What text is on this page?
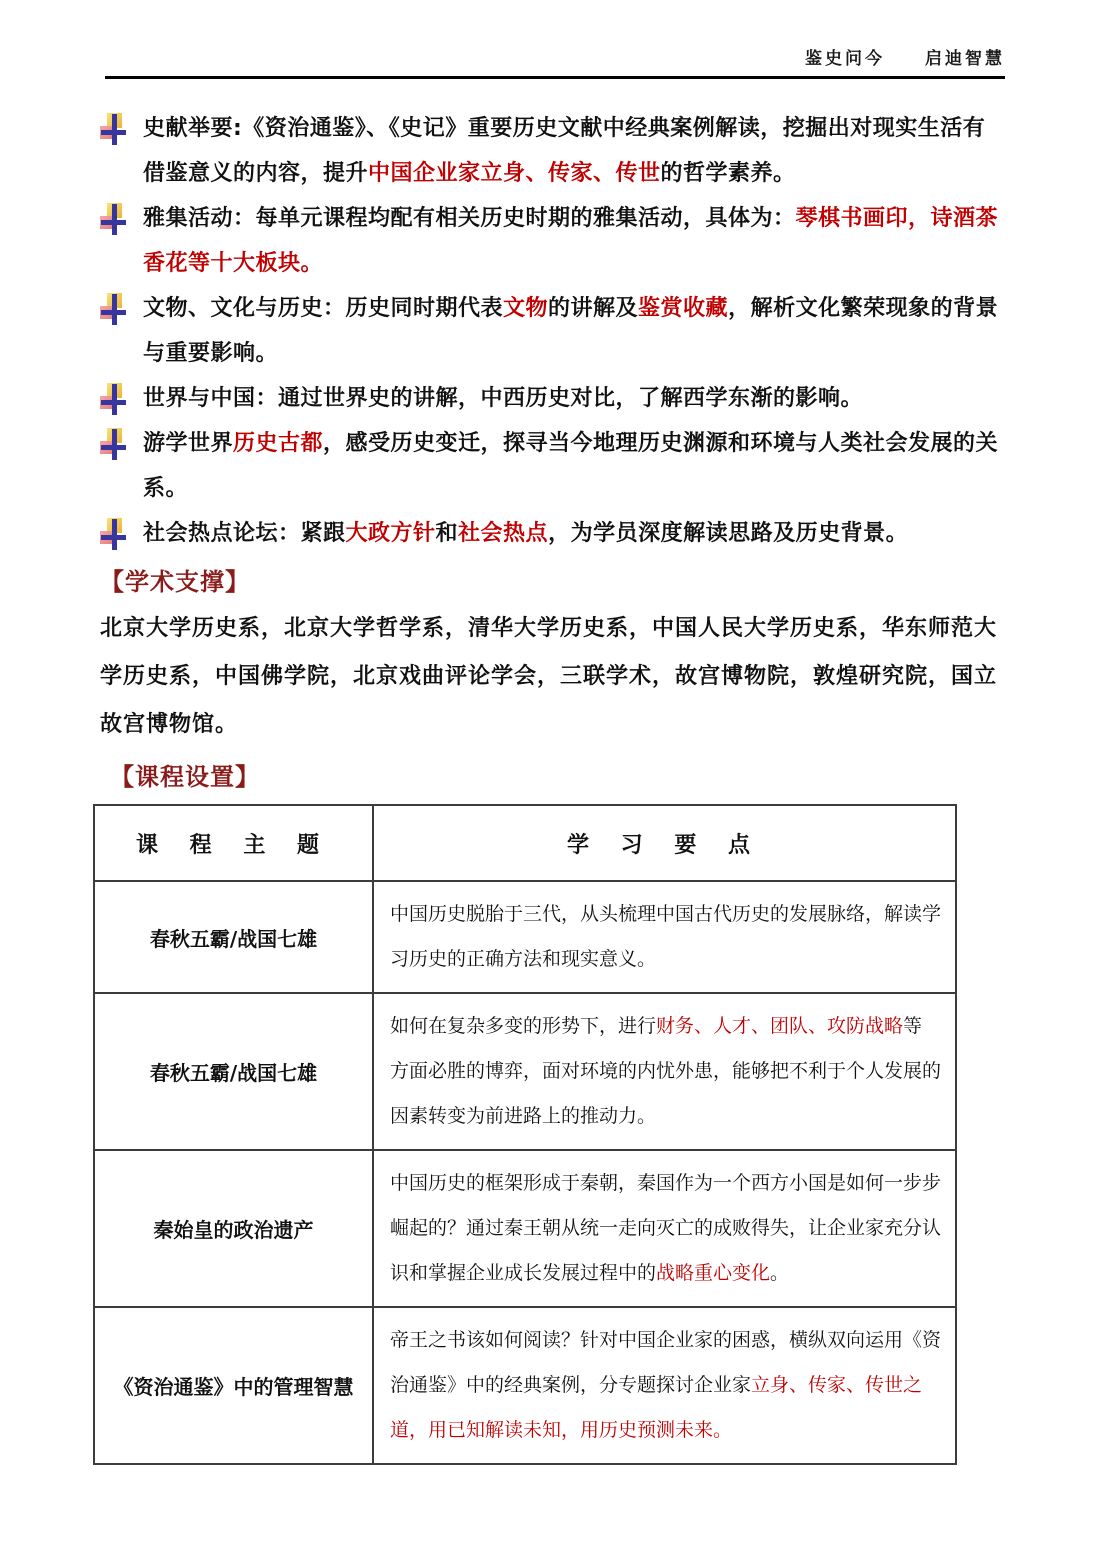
鉴史问今　　启迪智慧
史献举要:《资治通鉴》、《史记》重要历史文献中经典案例解读，挖掘出对现实生活有借鉴意义的内容，提升中国企业家立身、传家、传世的哲学素养。
雅集活动：每单元课程均配有相关历史时期的雅集活动，具体为：琴棋书画印，诗酒茶香花等十大板块。
文物、文化与历史：历史同时期代表文物的讲解及鉴赏收藏，解析文化繁荣现象的背景与重要影响。
世界与中国：通过世界史的讲解，中西历史对比，了解西学东渐的影响。
游学世界历史古都，感受历史变迁，探寻当今地理历史渊源和环境与人类社会发展的关系。
社会热点论坛：紧跟大政方针和社会热点，为学员深度解读思路及历史背景。
【学术支撑】
北京大学历史系，北京大学哲学系，清华大学历史系，中国人民大学历史系，华东师范大学历史系，中国佛学院，北京戏曲评论学会，三联学术，故宫博物院，敦煌研究院，国立故宫博物馆。
【课程设置】
课 程 主 题	学 习 要 点
春秋五霸/战国七雄	中国历史脱胎于三代，从头梳理中国古代历史的发展脉络，解读学习历史的正确方法和现实意义。
春秋五霸/战国七雄	如何在复杂多变的形势下，进行财务、人才、团队、攻防战略等方面必胜的博弈，面对环境的内忧外患，能够把不利于个人发展的因素转变为前进路上的推动力。
秦始皇的政治遗产	中国历史的框架形成于秦朝，秦国作为一个西方小国是如何一步步崛起的？通过秦王朝从统一走向灭亡的成败得失，让企业家充分认识和掌握企业成长发展过程中的战略重心变化。
《资治通鉴》中的管理智慧	帝王之书该如何阅读？针对中国企业家的困惑，横纵双向运用《资治通鉴》中的经典案例，分专题探讨企业家立身、传家、传世之道，用已知解读未知，用历史预测未来。
